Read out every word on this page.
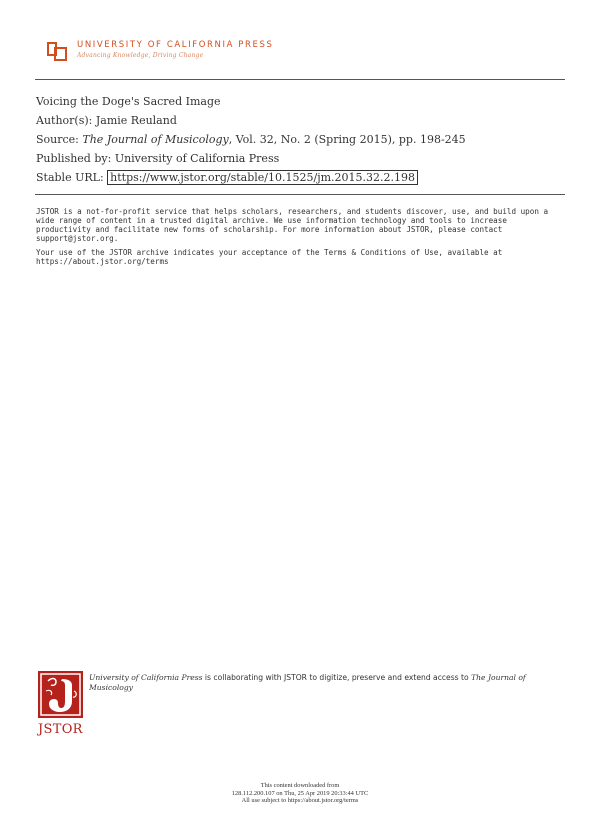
UNIVERSITY OF CALIFORNIA PRESS
Advancing Knowledge, Driving Change
Voicing the Doge's Sacred Image
Author(s): Jamie Reuland
Source: The Journal of Musicology, Vol. 32, No. 2 (Spring 2015), pp. 198-245
Published by: University of California Press
Stable URL: https://www.jstor.org/stable/10.1525/jm.2015.32.2.198

JSTOR is a not-for-profit service that helps scholars, researchers, and students discover, use, and build upon a wide range of content in a trusted digital archive. We use information technology and tools to increase productivity and facilitate new forms of scholarship. For more information about JSTOR, please contact support@jstor.org.

Your use of the JSTOR archive indicates your acceptance of the Terms & Conditions of Use, available at https://about.jstor.org/terms

JSTOR
University of California Press is collaborating with JSTOR to digitize, preserve and extend access to The Journal of Musicology
This content downloaded from
128.112.200.107 on Thu, 25 Apr 2019 20:33:44 UTC
All use subject to https://about.jstor.org/terms
